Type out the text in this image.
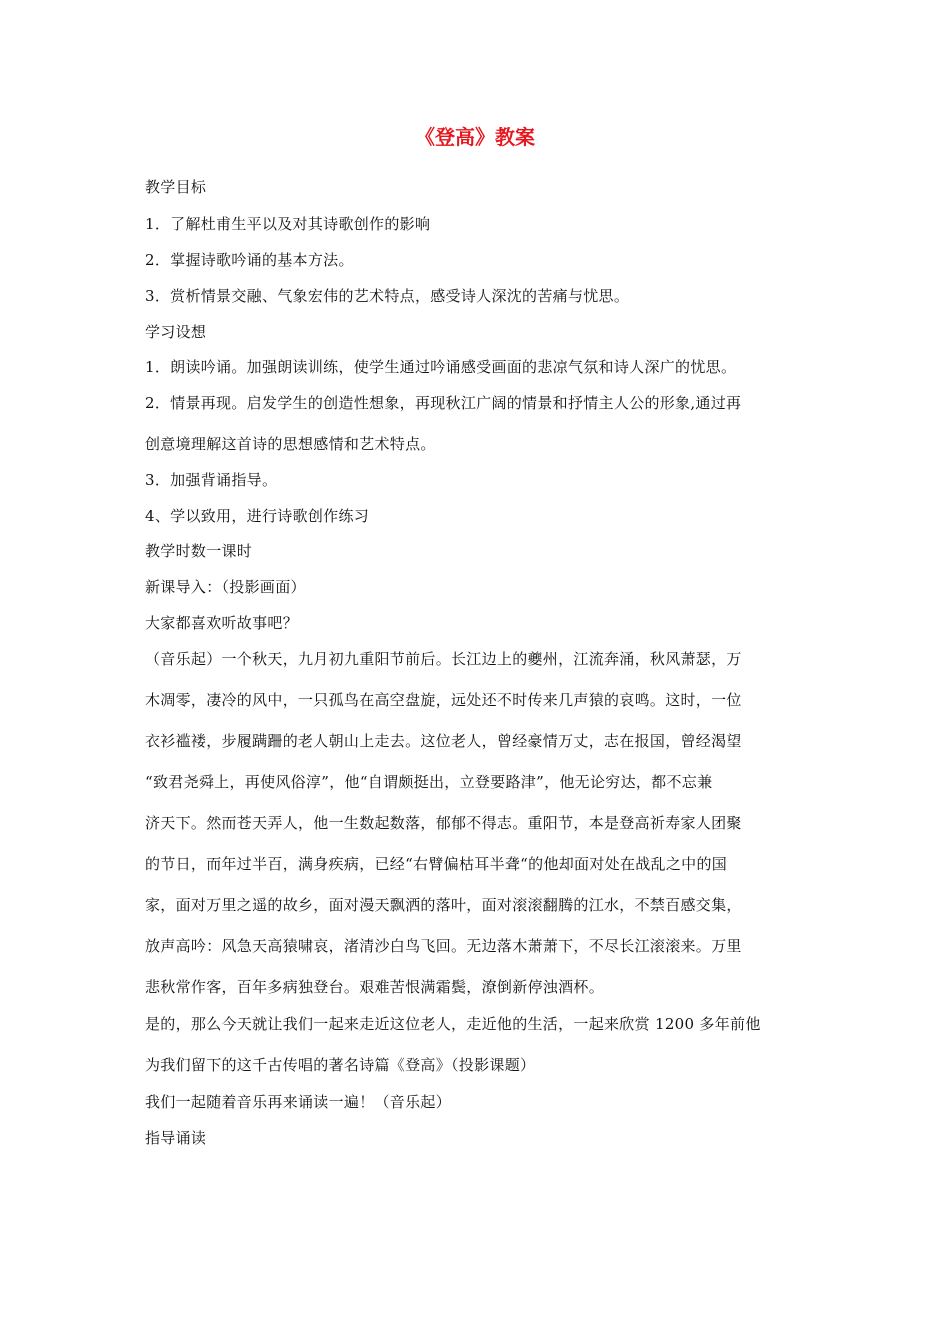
《登高》教案
教学目标
1．了解杜甫生平以及对其诗歌创作的影响
2．掌握诗歌吟诵的基本方法。
3．赏析情景交融、气象宏伟的艺术特点，感受诗人深沈的苦痛与忧思。
学习设想
1．朗读吟诵。加强朗读训练，使学生通过吟诵感受画面的悲凉气氛和诗人深广的忧思。
2．情景再现。启发学生的创造性想象，再现秋江广阔的情景和抒情主人公的形象,通过再
创意境理解这首诗的思想感情和艺术特点。
3．加强背诵指导。
4、学以致用，进行诗歌创作练习
教学时数一课时
新课导入：（投影画面）
大家都喜欢听故事吧？
（音乐起）一个秋天，九月初九重阳节前后。长江边上的夔州，江流奔涌，秋风萧瑟，万
木凋零，凄冷的风中，一只孤鸟在高空盘旋，远处还不时传来几声猿的哀鸣。这时，一位
衣衫褴褛，步履蹒跚的老人朝山上走去。这位老人，曾经豪情万丈，志在报国，曾经渴望
“致君尧舜上，再使风俗淳”，他“自谓颇挺出，立登要路津”，他无论穷达，都不忘兼
济天下。然而苍天弄人，他一生数起数落，郁郁不得志。重阳节，本是登高祈寿家人团聚
的节日，而年过半百，满身疾病，已经“右臂偏枯耳半聋“的他却面对处在战乱之中的国
家，面对万里之遥的故乡，面对漫天飘洒的落叶，面对滚滚翻腾的江水，不禁百感交集，
放声高吟：风急天高猿啸哀，渚清沙白鸟飞回。无边落木萧萧下，不尽长江滚滚来。万里
悲秋常作客，百年多病独登台。艰难苦恨满霜鬓，潦倒新停浊酒杯。
是的，那么今天就让我们一起来走近这位老人，走近他的生活，一起来欣赏 1200 多年前他
为我们留下的这千古传唱的著名诗篇《登高》（投影课题）
我们一起随着音乐再来诵读一遍！（音乐起）
指导诵读
